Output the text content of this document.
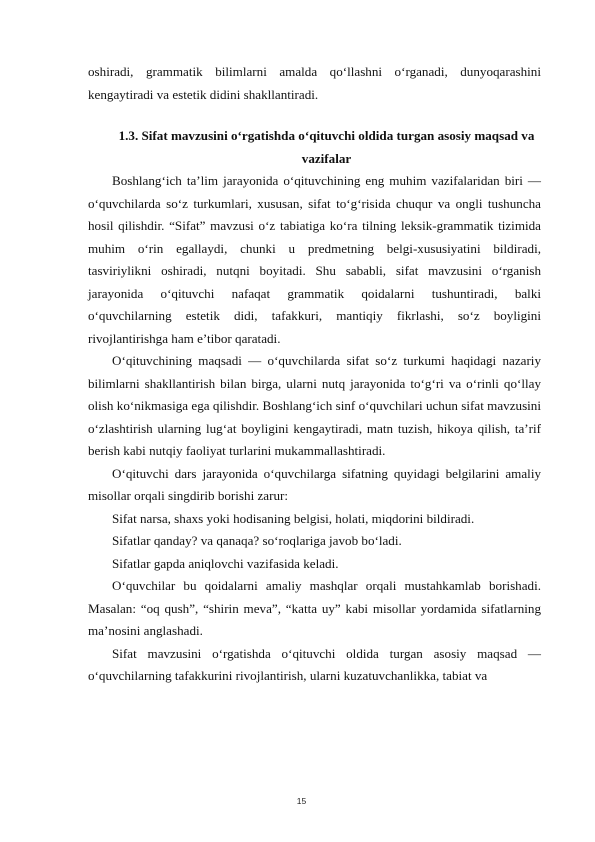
oshiradi, grammatik bilimlarni amalda qo‘llashni o‘rganadi, dunyoqarashini kengaytiradi va estetik didini shakllantiradi.

1.3. Sifat mavzusini o‘rgatishda o‘qituvchi oldida turgan asosiy maqsad va vazifalar

Boshlang‘ich ta’lim jarayonida o‘qituvchining eng muhim vazifalaridan biri — o‘quvchilarda so‘z turkumlari, xususan, sifat to‘g‘risida chuqur va ongli tushuncha hosil qilishdir. “Sifat” mavzusi o‘z tabiatiga ko‘ra tilning leksik-grammatik tizimida muhim o‘rin egallaydi, chunki u predmetning belgi-xususiyatini bildiradi, tasviriylikni oshiradi, nutqni boyitadi. Shu sababli, sifat mavzusini o‘rganish jarayonida o‘qituvchi nafaqat grammatik qoidalarni tushuntiradi, balki o‘quvchilarning estetik didi, tafakkuri, mantiqiy fikrlashi, so‘z boyligini rivojlantirishga ham e’tibor qaratadi.

O‘qituvchining maqsadi — o‘quvchilarda sifat so‘z turkumi haqidagi nazariy bilimlarni shakllantirish bilan birga, ularni nutq jarayonida to‘g‘ri va o‘rinli qo‘llay olish ko‘nikmasiga ega qilishdir. Boshlang‘ich sinf o‘quvchilari uchun sifat mavzusini o‘zlashtirish ularning lug‘at boyligini kengaytiradi, matn tuzish, hikoya qilish, ta’rif berish kabi nutqiy faoliyat turlarini mukammallashtiradi.

O‘qituvchi dars jarayonida o‘quvchilarga sifatning quyidagi belgilarini amaliy misollar orqali singdirib borishi zarur:

Sifat narsa, shaxs yoki hodisaning belgisi, holati, miqdorini bildiradi.

Sifatlar qanday? va qanaqa? so‘roqlariga javob bo‘ladi.

Sifatlar gapda aniqlovchi vazifasida keladi.

O‘quvchilar bu qoidalarni amaliy mashqlar orqali mustahkamlab borishadi. Masalan: “oq qush”, “shirin meva”, “katta uy” kabi misollar yordamida sifatlarning ma’nosini anglashadi.

Sifat mavzusini o‘rgatishda o‘qituvchi oldida turgan asosiy maqsad — o‘quvchilarning tafakkurini rivojlantirish, ularni kuzatuvchanlikka, tabiat va

15
